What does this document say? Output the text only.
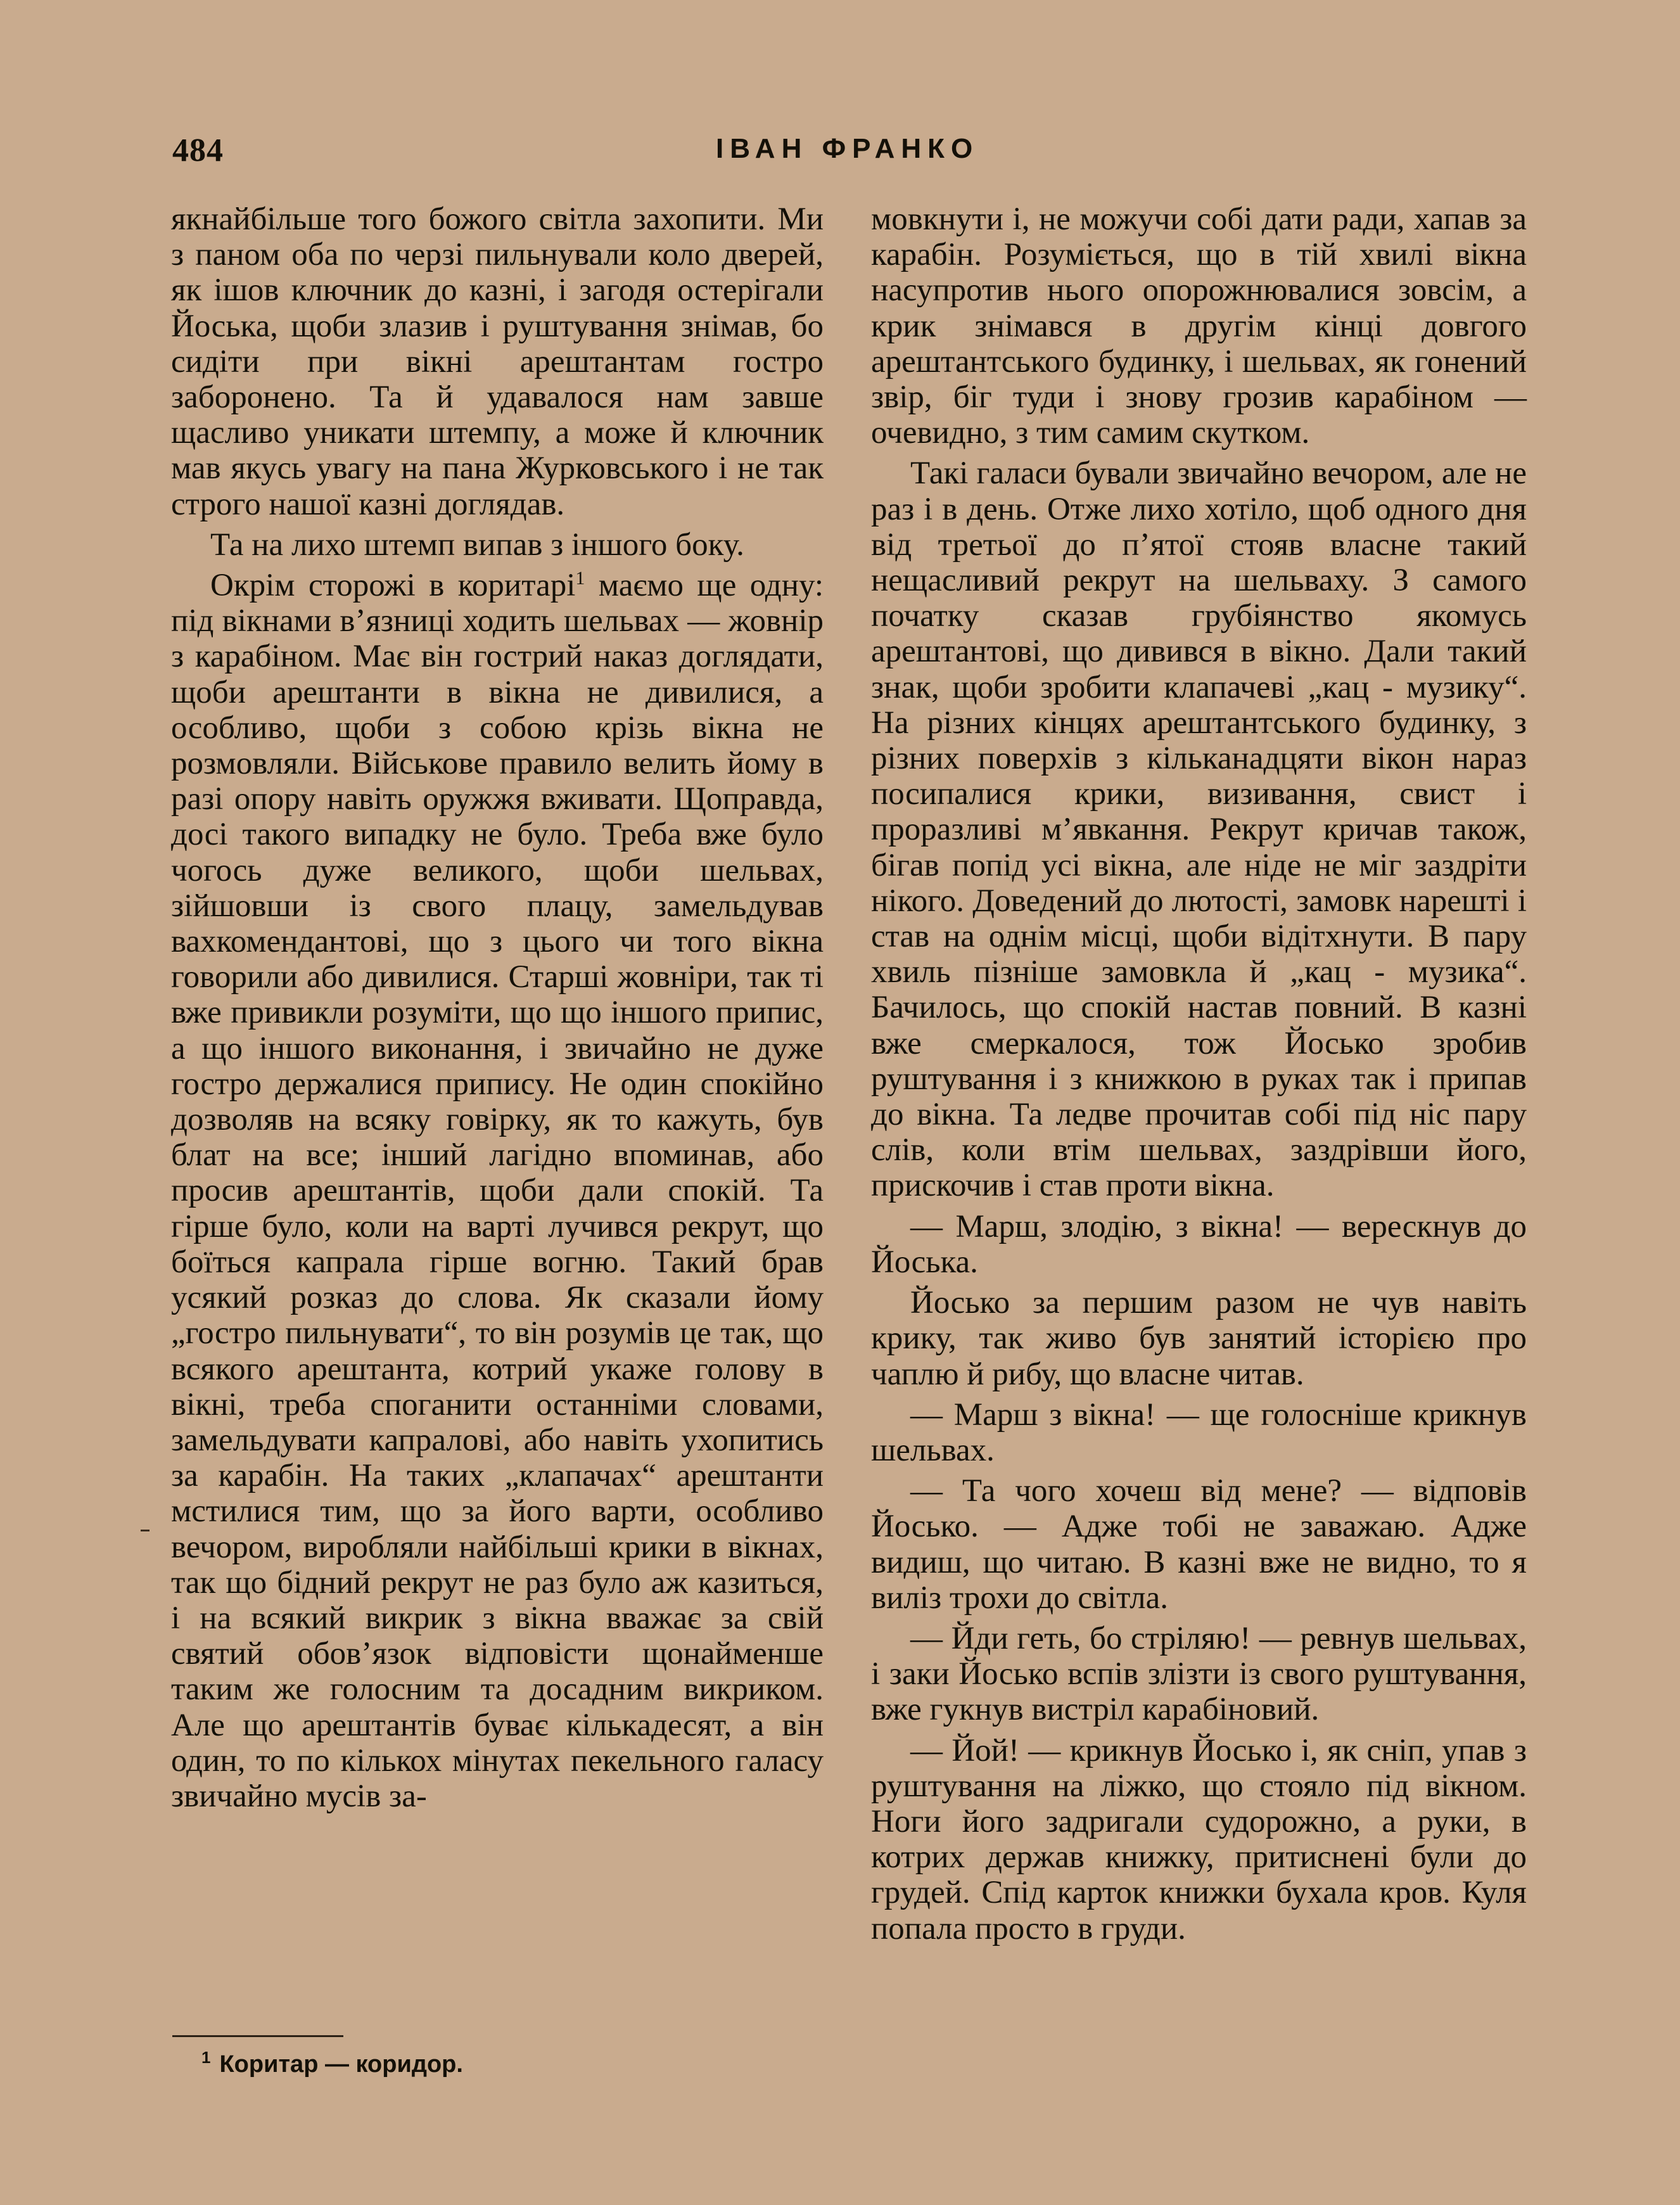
484	ІВАН ФРАНКО

якнайбільше того божого світла захопити. Ми з паном оба по черзі пильнували коло дверей, як ішов ключник до казні, і загодя остерігали Йоська, щоби злазив і руштування знімав, бо сидіти при вікні арештантам гостро заборонено. Та й удавалося нам завше щасливо уникати штемпу, а може й ключник мав якусь увагу на пана Журковського і не так строго нашої казні доглядав.

Та на лихо штемп випав з іншого боку.

Окрім сторожі в коритарі$^1$ маємо ще одну: під вікнами в’язниці ходить шельвах — жовнір з карабіном. Має він гострий наказ доглядати, щоби арештанти в вікна не дивилися, а особливо, щоби з собою крізь вікна не розмовляли. Військове правило велить йому в разі опору навіть оружжя вживати. Щоправда, досі такого випадку не було. Треба вже було чогось дуже великого, щоби шельвах, зійшовши із свого плацу, замельдував вахкомендантові, що з цього чи того вікна говорили або дивилися. Старші жовніри, так ті вже привикли розуміти, що що іншого припис, а що іншого виконання, і звичайно не дуже гостро держалися припису. Не один спокійно дозволяв на всяку говірку, як то кажуть, був блат на все; інший лагідно впоминав, або просив арештантів, щоби дали спокій. Та гірше було, коли на варті лучився рекрут, що боїться капрала гірше вогню. Такий брав усякий розказ до слова. Як сказали йому „гостро пильнувати“, то він розумів це так, що всякого арештанта, котрий укаже голову в вікні, треба споганити останніми словами, замельдувати капралові, або навіть ухопитись за карабін. На таких „клапачах“ арештанти мстилися тим, що за його варти, особливо вечором, виробляли найбільші крики в вікнах, так що бідний рекрут не раз було аж казиться, і на всякий викрик з вікна вважає за свій святий обов’язок відповісти щонайменше таким же голосним та досадним викриком. Але що арештантів буває кількадесят, а він один, то по кількох мінутах пекельного галасу звичайно мусів за-

мовкнути і, не можучи собі дати ради, хапав за карабін. Розуміється, що в тій хвилі вікна насупротив нього опорожнювалися зовсім, а крик знімався в другім кінці довгого арештантського будинку, і шельвах, як гонений звір, біг туди і знову грозив карабіном — очевидно, з тим самим скутком.

Такі галаси бували звичайно вечором, але не раз і в день. Отже лихо хотіло, щоб одного дня від третьої до п’ятої стояв власне такий нещасливий рекрут на шельваху. З самого початку сказав грубіянство якомусь арештантові, що дивився в вікно. Дали такий знак, щоби зробити клапачеві „кац - музику“. На різних кінцях арештантського будинку, з різних поверхів з кільканадцяти вікон нараз посипалися крики, визивання, свист і проразливі м’явкання. Рекрут кричав також, бігав попід усі вікна, але ніде не міг заздріти нікого. Доведений до лютості, замовк нарешті і став на однім місці, щоби відітхнути. В пару хвиль пізніше замовкла й „кац - музика“. Бачилось, що спокій настав повний. В казні вже смеркалося, тож Йосько зробив руштування і з книжкою в руках так і припав до вікна. Та ледве прочитав собі під ніс пару слів, коли втім шельвах, заздрівши його, прискочив і став проти вікна.

— Марш, злодію, з вікна! — верескнув до Йоська.

Йосько за першим разом не чув навіть крику, так живо був занятий історією про чаплю й рибу, що власне читав.

— Марш з вікна! — ще голосніше крикнув шельвах.

— Та чого хочеш від мене? — відповів Йосько. — Адже тобі не заважаю. Адже видиш, що читаю. В казні вже не видно, то я виліз трохи до світла.

— Йди геть, бо стріляю! — ревнув шельвах, і заки Йосько вспів злізти із свого руштування, вже гукнув вистріл карабіновий.

— Йой! — крикнув Йосько і, як сніп, упав з руштування на ліжко, що стояло під вікном. Ноги його задригали судорожно, а руки, в котрих держав книжку, притиснені були до грудей. Спід карток книжки бухала кров. Куля попала просто в груди.

$^1$ Коритар — коридор.
